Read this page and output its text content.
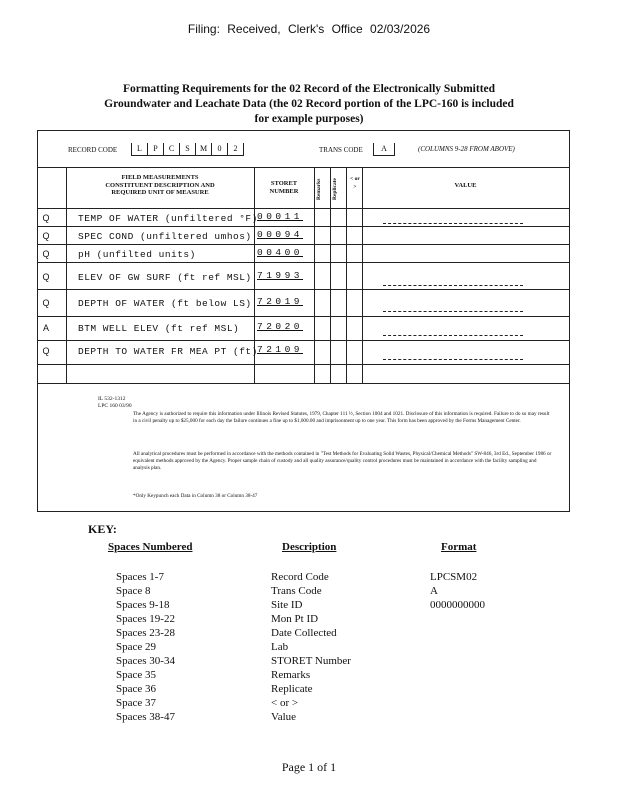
Filing: Received, Clerk's Office 02/03/2026
Formatting Requirements for the 02 Record of the Electronically Submitted
Groundwater and Leachate Data (the 02 Record portion of the LPC-160 is included
for example purposes)
RECORD CODE	L	P	C	S	M	0	2	TRANS CODE	A	(COLUMNS 9-28 FROM ABOVE)
FIELD MEASUREMENTS
CONSTITUENT DESCRIPTION AND
REQUIRED UNIT OF MEASURE
STORET
NUMBER	Remarks	Replicate	< or >	VALUE
Q	TEMP OF WATER (unfiltered °F) 00011
Q	SPEC COND (unfiltered umhos) 00094
Q	pH (unfilted units)	00400
Q	ELEV OF GW SURF (ft ref MSL) 71993
Q	DEPTH OF WATER (ft below LS) 72019
A	BTM WELL ELEV (ft ref MSL) 72020
Q	DEPTH TO WATER FR MEA PT (ft) 72109
IL 532-1312
LPC 160 03/90
The Agency is authorized to require this information under Illinois Revised Statutes, 1979, Chapter 111 ½, Section 1004 and 1021. Disclosure of this information is required. Failure to do so may result in a civil penalty up to $25,000 for each day the failure continues a fine up to $1,000.00 and imprisonment up to one year. This form has been approved by the Forms Management Center.
All analytical procedures must be performed in accordance with the methods contained in "Test Methods for Evaluating Solid Wastes, Physical/Chemical Methods" SW-846, 3rd Ed., September 1986 or equivalent methods approved by the Agency. Proper sample chain of custody and all quality assurance/quality control procedures must be maintained in accordance with the facility sampling and analysis plan.
*Only Keypunch each Data in Column 38 or Column 38-47
KEY:
Spaces Numbered	Description	Format
Spaces 1-7	Record Code	LPCSM02
Space 8	Trans Code	A
Spaces 9-18	Site ID	0000000000
Spaces 19-22	Mon Pt ID
Spaces 23-28	Date Collected
Space 29	Lab
Spaces 30-34	STORET Number
Space 35	Remarks
Space 36	Replicate
Space 37	< or >
Spaces 38-47	Value
Page 1 of 1
